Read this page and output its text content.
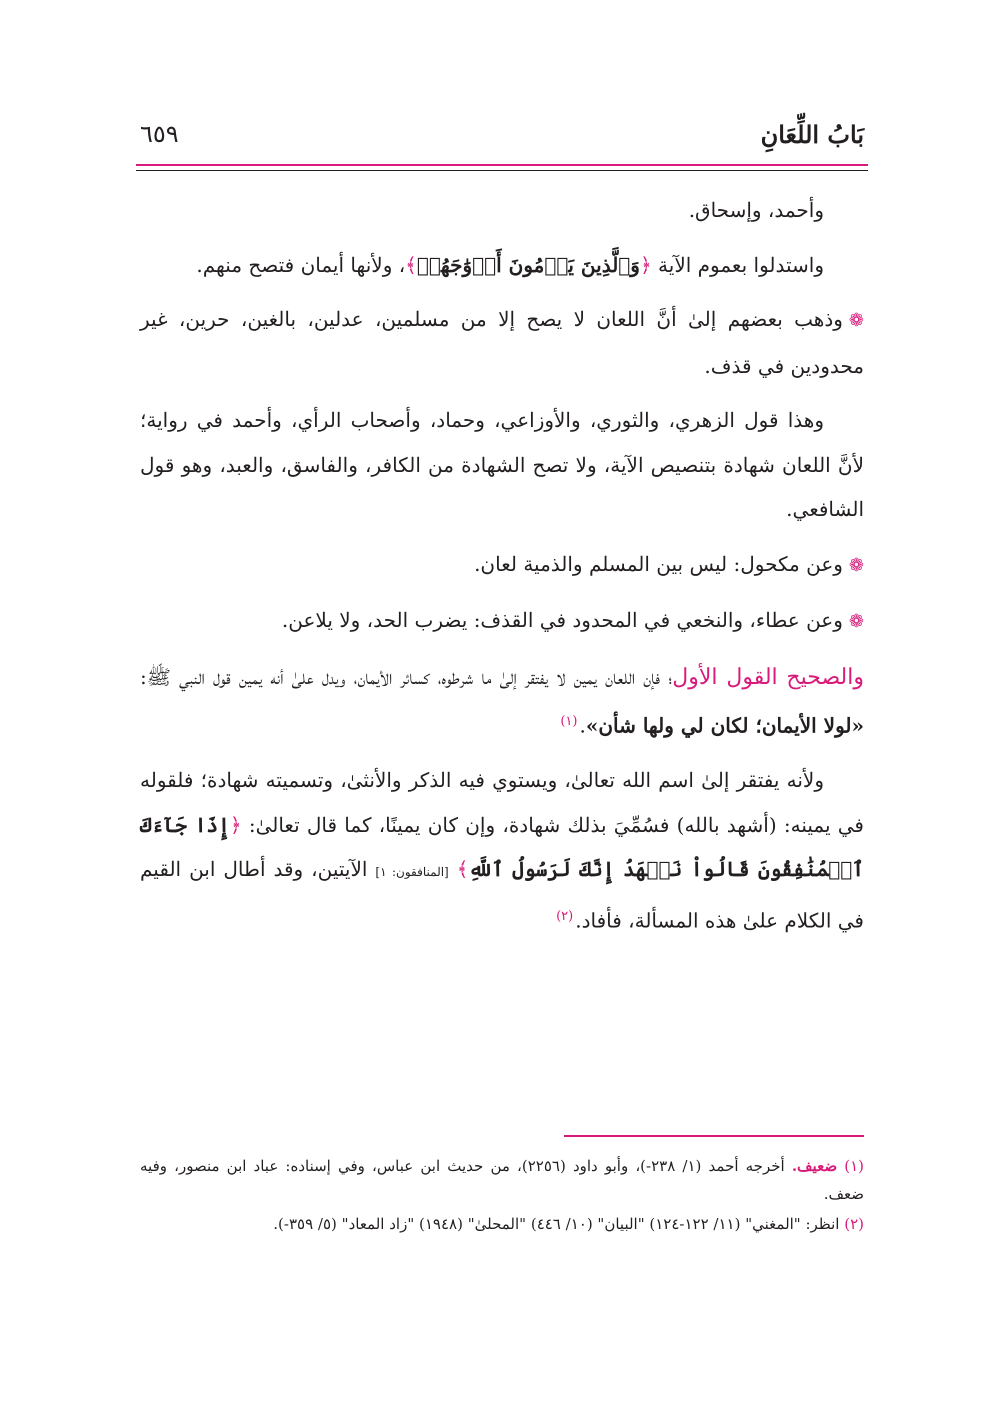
بَابُ اللِّعَانِ
٦٥٩

وأحمد، وإسحاق.

واستدلوا بعموم الآية ﴿وَٱلَّذِينَ يَرۡمُونَ أَزۡوَٰجَهُمۡ﴾، ولأنها أيمان فتصح منهم.

❁وذهب بعضهم إلىٰ أنَّ اللعان لا يصح إلا من مسلمين، عدلين، بالغين، حرين، غير محدودين في قذف.

وهذا قول الزهري، والثوري، والأوزاعي، وحماد، وأصحاب الرأي، وأحمد في رواية؛ لأنَّ اللعان شهادة بتنصيص الآية، ولا تصح الشهادة من الكافر، والفاسق، والعبد، وهو قول الشافعي.

❁وعن مكحول: ليس بين المسلم والذمية لعان.

❁وعن عطاء، والنخعي في المحدود في القذف: يضرب الحد، ولا يلاعن.

والصحيح القول الأول؛ فإن اللعان يمين لا يفتقر إلىٰ ما شرطوه، كسائر الأيمان، ويدل علىٰ أنه يمين قول النبي ﷺ: «لولا الأيمان؛ لكان لي ولها شأن».$^{(١)}$

ولأنه يفتقر إلىٰ اسم الله تعالىٰ، ويستوي فيه الذكر والأنثىٰ، وتسميته شهادة؛ فلقوله في يمينه: (أشهد بالله) فسُمِّيَ بذلك شهادة، وإن كان يمينًا، كما قال تعالىٰ: ﴿إِذَا جَآءَكَ ٱلۡمُنَٰفِقُونَ قَالُواْ نَشۡهَدُ إِنَّكَ لَرَسُولُ ٱللَّهِ﴾ [المنافقون: ١] الآيتين، وقد أطال ابن القيم في الكلام علىٰ هذه المسألة، فأفاد.$^{(٢)}$

(١) ضعيف. أخرجه أحمد (١/ ٢٣٨-)، وأبو داود (٢٢٥٦)، من حديث ابن عباس، وفي إسناده: عباد ابن منصور، وفيه ضعف.

(٢) انظر: "المغني" (١١/ ١٢٢-١٢٤) "البيان" (١٠/ ٤٤٦) "المحلىٰ" (١٩٤٨) "زاد المعاد" (٥/ ٣٥٩-).
